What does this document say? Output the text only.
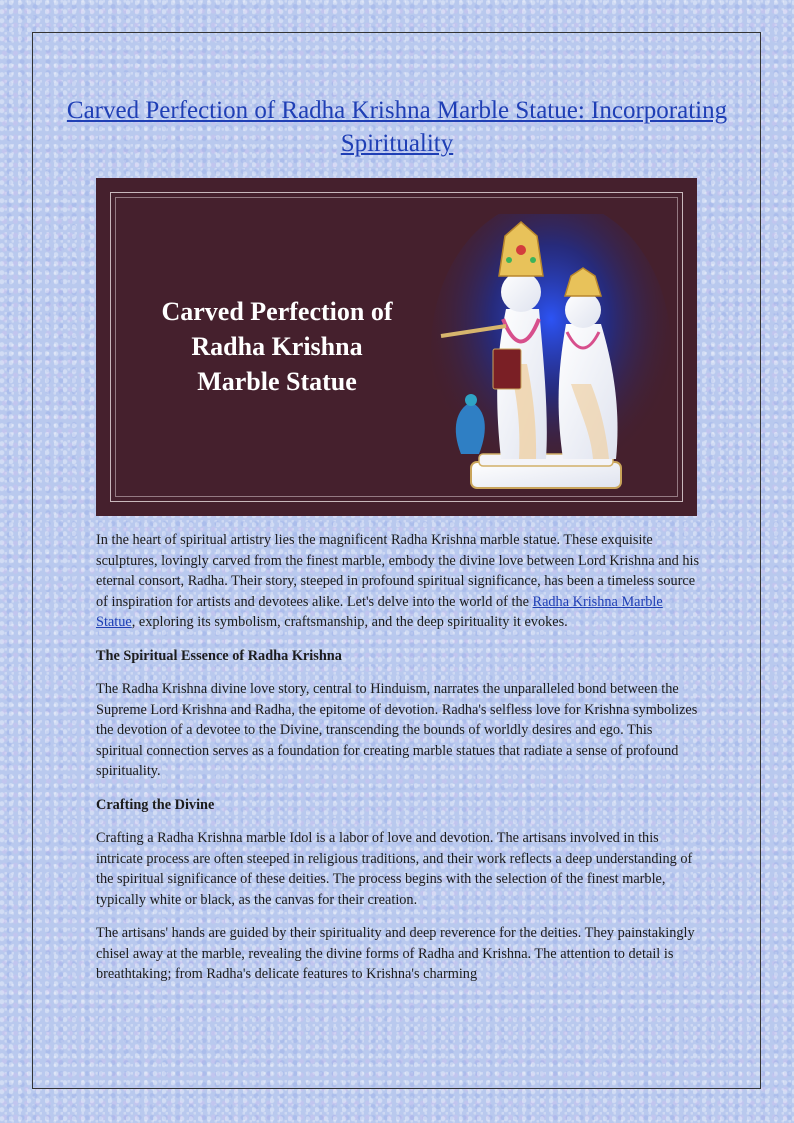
Carved Perfection of Radha Krishna Marble Statue: Incorporating Spirituality
Carved Perfection of
Radha Krishna
Marble Statue

In the heart of spiritual artistry lies the magnificent Radha Krishna marble statue. These exquisite sculptures, lovingly carved from the finest marble, embody the divine love between Lord Krishna and his eternal consort, Radha. Their story, steeped in profound spiritual significance, has been a timeless source of inspiration for artists and devotees alike. Let's delve into the world of the Radha Krishna Marble Statue, exploring its symbolism, craftsmanship, and the deep spirituality it evokes.

The Spiritual Essence of Radha Krishna

The Radha Krishna divine love story, central to Hinduism, narrates the unparalleled bond between the Supreme Lord Krishna and Radha, the epitome of devotion. Radha's selfless love for Krishna symbolizes the devotion of a devotee to the Divine, transcending the bounds of worldly desires and ego. This spiritual connection serves as a foundation for creating marble statues that radiate a sense of profound spirituality.

Crafting the Divine

Crafting a Radha Krishna marble Idol is a labor of love and devotion. The artisans involved in this intricate process are often steeped in religious traditions, and their work reflects a deep understanding of the spiritual significance of these deities. The process begins with the selection of the finest marble, typically white or black, as the canvas for their creation.

The artisans' hands are guided by their spirituality and deep reverence for the deities. They painstakingly chisel away at the marble, revealing the divine forms of Radha and Krishna. The attention to detail is breathtaking; from Radha's delicate features to Krishna's charming
